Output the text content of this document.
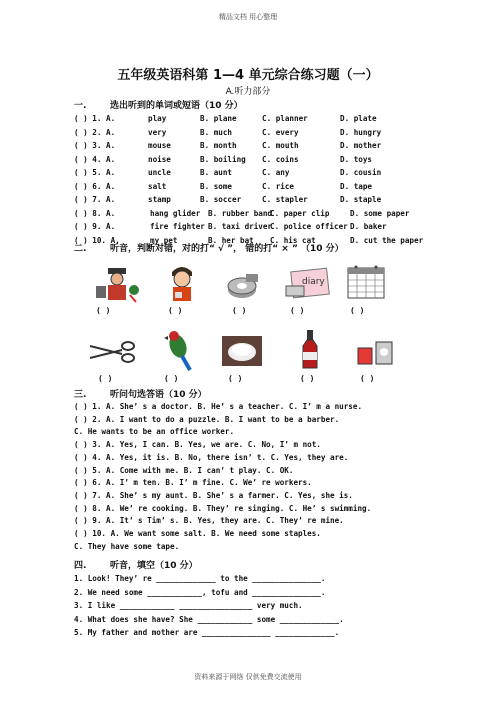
精品文档 用心整理
五年级英语科第 1—4 单元综合练习题（一）
A.听力部分
一.	选出听到的单词或短语（10 分）
( ) 1. A.	play	B. plane	C. planner	D. plate
( ) 2. A.	very	B. much	C. every	D. hungry
( ) 3. A.	mouse	B. month	C. mouth	D. mother
( ) 4. A.	noise	B. boiling C. coins	D. toys
( ) 5. A.	uncle	B. aunt	C. any	D. cousin
( ) 6. A.	salt	B. some	C. rice	D. tape
( ) 7. A.	stamp	B. soccer	C. stapler	D. staple
( ) 8. A.	hang glider B. rubber band
C. paper clip	D. some paper
( ) 9. A.	fire fighter B. taxi driver
C. police officer D. baker
( ) 10. A.	my pet	B. her bat C. his cat	D. cut the paper
二.	听音，判断对错，对的打“ √ ”， 错的打“ × ” （10 分）
diary
( )	( )	( )	( )	( )
( )	( )	( )	( )	( )
三.	听问句选答语（10 分）
( ) 1. A. She’ s a doctor. B. He’ s a teacher. C. I’ m a nurse.
( ) 2. A. I want to do a puzzle. B. I want to be a barber.
C. He wants to be an office worker.
( ) 3. A. Yes, I can. B. Yes, we are. C. No, I’ m not.
( ) 4. A. Yes, it is. B. No, there isn’ t. C. Yes, they are.
( ) 5. A. Come with me. B. I can’ t play. C. OK.
( ) 6. A. I’ m ten. B. I’ m fine. C. We’ re workers.
( ) 7. A. She’ s my aunt. B. She’ s a farmer. C. Yes, she is.
( ) 8. A. We’ re cooking. B. They’ re singing. C. He’ s swimming.
( ) 9. A. It’ s Tim’ s. B. Yes, they are. C. They’ re mine.
( ) 10. A. We want some salt. B. We need some staples.
C. They have some tape.
四.	听音，填空（10 分）
1. Look! They’ re _____________ to the _______________.
2. We need some ____________, tofu and _______________.
3. I like ____________ ________________ very much.
4. What does she have? She ____________ some _____________.
5. My father and mother are _______________ _____________.
资料来源于网络 仅供免费交流使用
